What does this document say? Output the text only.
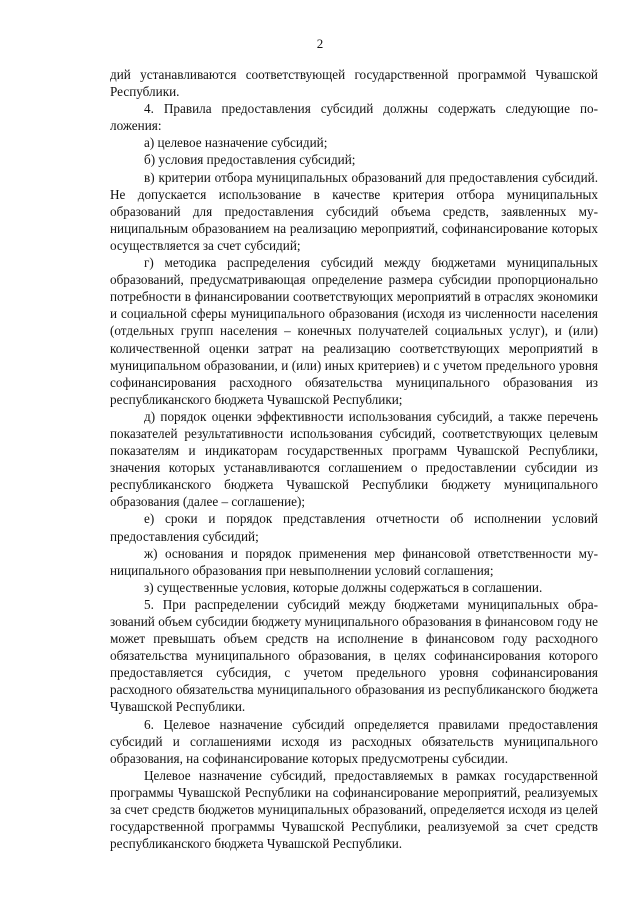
2

дий устанавливаются соответствующей государственной программой Чувашской Республики.

4. Правила предоставления субсидий должны содержать следующие положения:

а) целевое назначение субсидий;

б) условия предоставления субсидий;

в) критерии отбора муниципальных образований для предоставления субсидий. Не допускается использование в качестве критерия отбора муниципальных образований для предоставления субсидий объема средств, заявленных муниципальным образованием на реализацию мероприятий, софинансирование которых осуществляется за счет субсидий;

г) методика распределения субсидий между бюджетами муниципальных образований, предусматривающая определение размера субсидии пропорционально потребности в финансировании соответствующих мероприятий в отраслях экономики и социальной сферы муниципального образования (исходя из численности населения (отдельных групп населения – конечных получателей социальных услуг), и (или) количественной оценки затрат на реализацию соответствующих мероприятий в муниципальном образовании, и (или) иных критериев) и с учетом предельного уровня софинансирования расходного обязательства муниципального образования из республиканского бюджета Чувашской Республики;

д) порядок оценки эффективности использования субсидий, а также перечень показателей результативности использования субсидий, соответствующих целевым показателям и индикаторам государственных программ Чувашской Республики, значения которых устанавливаются соглашением о предоставлении субсидии из республиканского бюджета Чувашской Республики бюджету муниципального образования (далее – соглашение);

е) сроки и порядок представления отчетности об исполнении условий предоставления субсидий;

ж) основания и порядок применения мер финансовой ответственности муниципального образования при невыполнении условий соглашения;

з) существенные условия, которые должны содержаться в соглашении.

5. При распределении субсидий между бюджетами муниципальных образований объем субсидии бюджету муниципального образования в финансовом году не может превышать объем средств на исполнение в финансовом году расходного обязательства муниципального образования, в целях софинансирования которого предоставляется субсидия, с учетом предельного уровня софинансирования расходного обязательства муниципального образования из республиканского бюджета Чувашской Республики.

6. Целевое назначение субсидий определяется правилами предоставления субсидий и соглашениями исходя из расходных обязательств муниципального образования, на софинансирование которых предусмотрены субсидии.

Целевое назначение субсидий, предоставляемых в рамках государственной программы Чувашской Республики на софинансирование мероприятий, реализуемых за счет средств бюджетов муниципальных образований, определяется исходя из целей государственной программы Чувашской Республики, реализуемой за счет средств республиканского бюджета Чувашской Республики.
